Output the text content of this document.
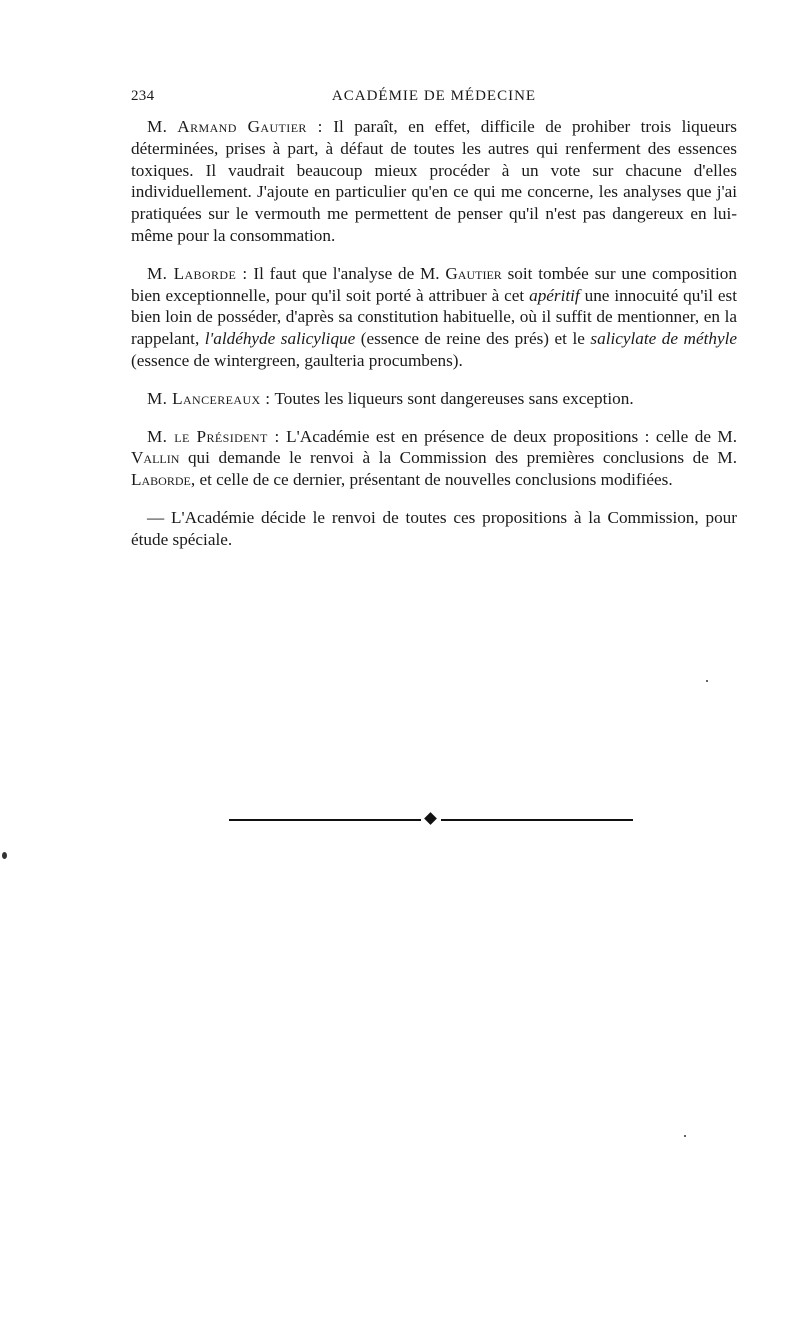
234	ACADÉMIE DE MÉDECINE

M. Armand Gautier : Il paraît, en effet, difficile de prohiber trois liqueurs déterminées, prises à part, à défaut de toutes les autres qui renferment des essences toxiques. Il vaudrait beaucoup mieux procéder à un vote sur chacune d'elles individuellement. J'ajoute en particulier qu'en ce qui me concerne, les analyses que j'ai pratiquées sur le vermouth me permettent de penser qu'il n'est pas dangereux en lui-même pour la consommation.

M. Laborde : Il faut que l'analyse de M. Gautier soit tombée sur une composition bien exceptionnelle, pour qu'il soit porté à attribuer à cet apéritif une innocuité qu'il est bien loin de posséder, d'après sa constitution habituelle, où il suffit de mentionner, en la rappelant, l'aldéhyde salicylique (essence de reine des prés) et le salicylate de méthyle (essence de wintergreen, gaulteria procumbens).

M. Lancereaux : Toutes les liqueurs sont dangereuses sans exception.

M. le Président : L'Académie est en présence de deux propositions : celle de M. Vallin qui demande le renvoi à la Commission des premières conclusions de M. Laborde, et celle de ce dernier, présentant de nouvelles conclusions modifiées.

— L'Académie décide le renvoi de toutes ces propositions à la Commission, pour étude spéciale.
